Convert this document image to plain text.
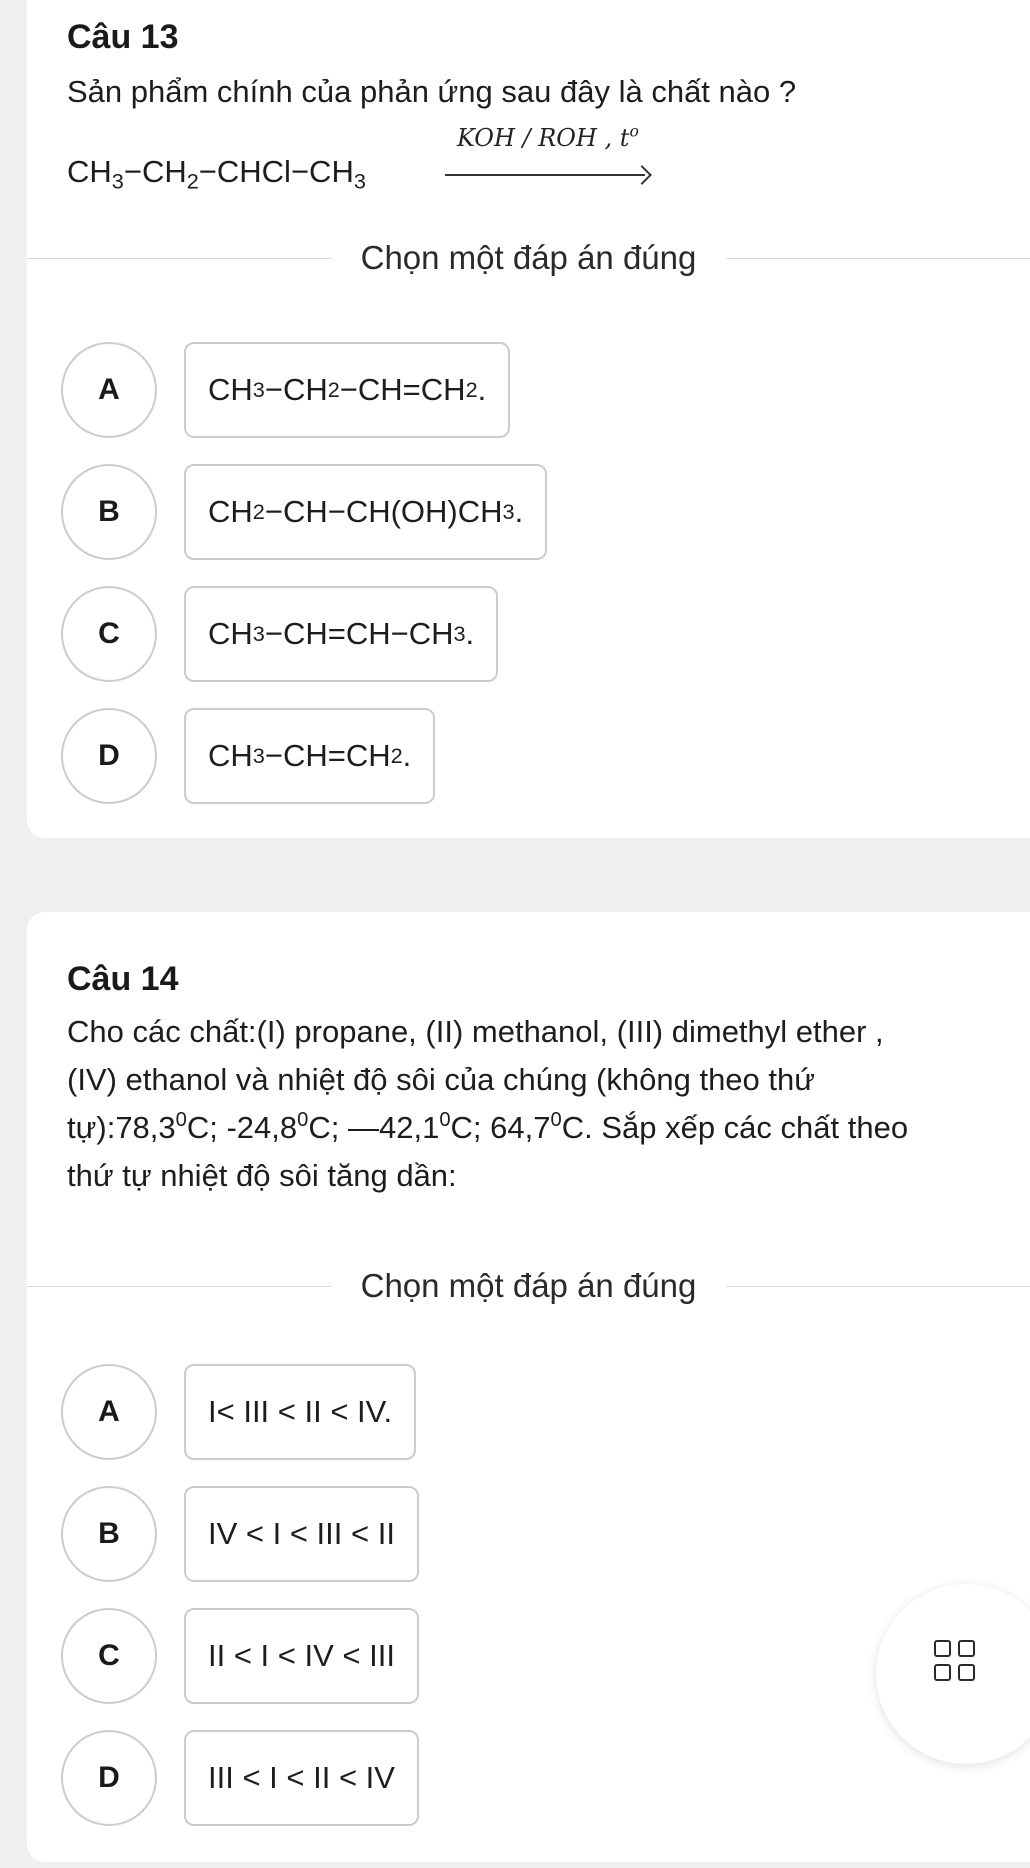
Câu 13
Sản phẩm chính của phản ứng sau đây là chất nào ?
$CH_3-CH_2-CHCl-CH_3$
KOH / ROH , $t^o$
Chọn một đáp án đúng
A	CH 3 −CH 2 −CH=CH 2 .
B	CH 2 −CH−CH(OH)CH 3 .
C	CH 3 −CH=CH−CH 3 .
D	CH 3 −CH=CH 2 .
Câu 14
Cho các chất:(I) propane, (II) methanol, (III) dimethyl ether ,
(IV) ethanol và nhiệt độ sôi của chúng (không theo thứ
tự):78,3$^0$C; -24,8$^0$C; —42,1$^0$C; 64,7$^0$C. Sắp xếp các chất theo
thứ tự nhiệt độ sôi tăng dần:
Chọn một đáp án đúng
A	I< III < II < IV.
B	IV < I < III < II
C	II < I < IV < III
D	III < I < II < IV
